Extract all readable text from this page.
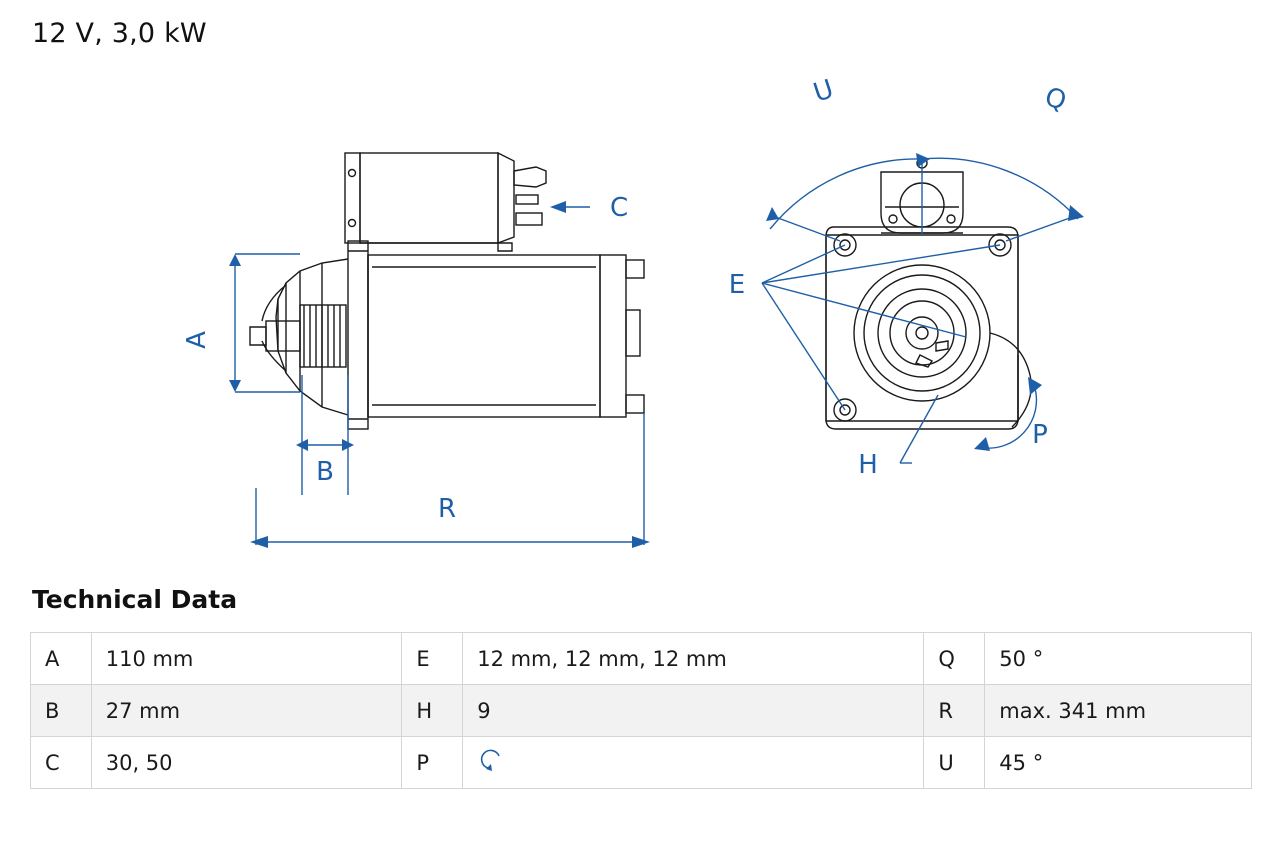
12 V, 3,0 kW
A
B
R
C
U	Q
E
H
P
Technical Data
A	110 mm	E	12 mm, 12 mm, 12 mm	Q	50 °
B	27 mm	H	9	R	max. 341 mm
C	30, 50	P		U	45 °
